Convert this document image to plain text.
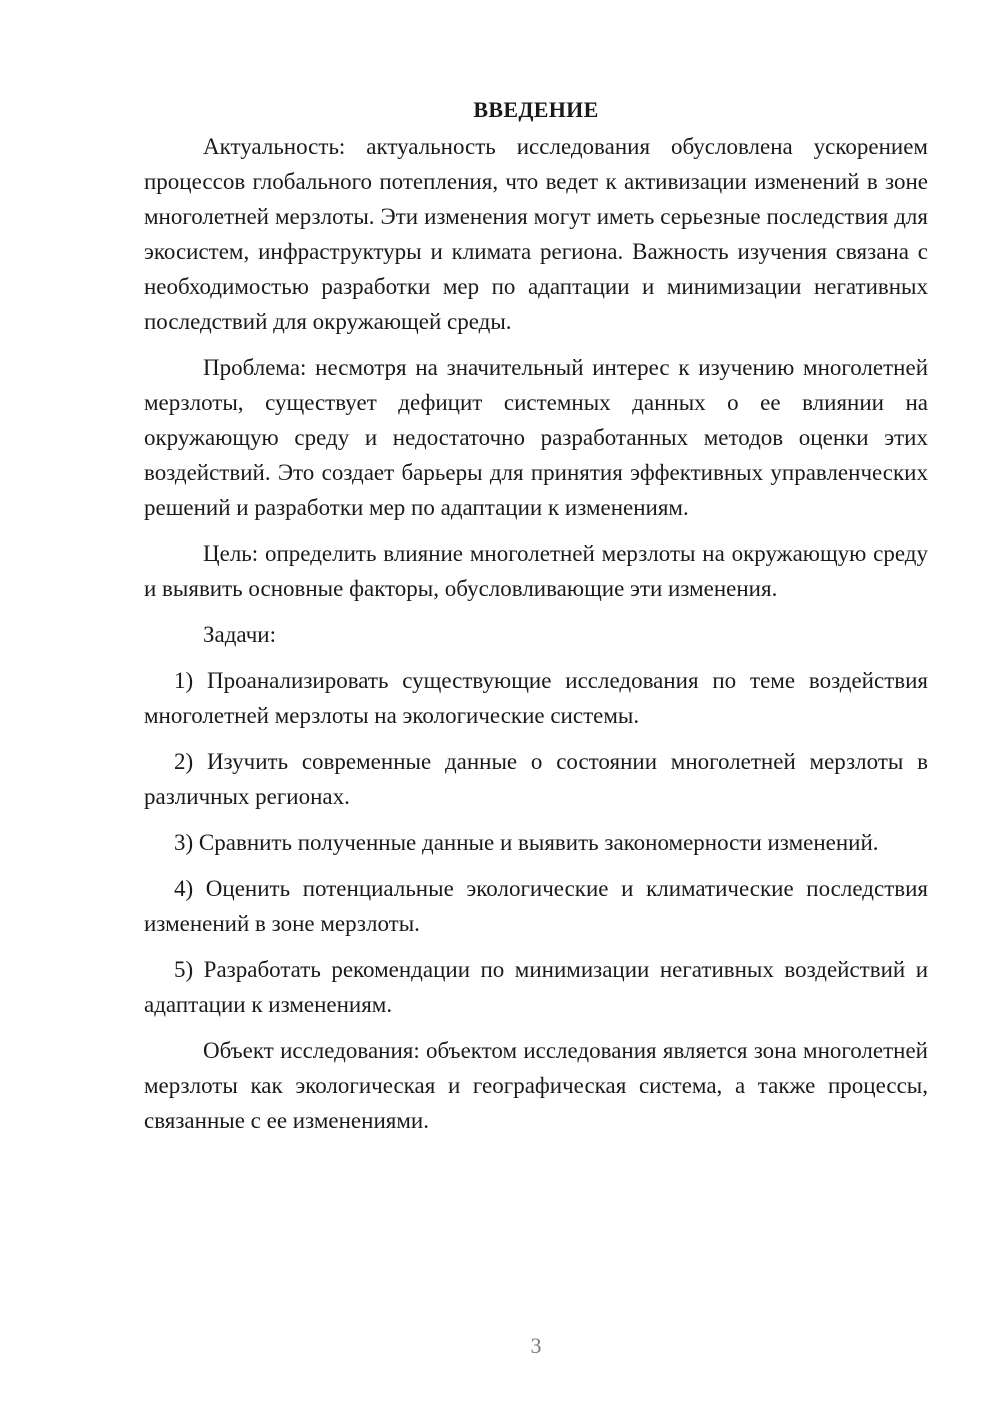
ВВЕДЕНИЕ

Актуальность: актуальность исследования обусловлена ускорением процессов глобального потепления, что ведет к активизации изменений в зоне многолетней мерзлоты. Эти изменения могут иметь серьезные последствия для экосистем, инфраструктуры и климата региона. Важность изучения связана с необходимостью разработки мер по адаптации и минимизации негативных последствий для окружающей среды.

Проблема: несмотря на значительный интерес к изучению многолетней мерзлоты, существует дефицит системных данных о ее влиянии на окружающую среду и недостаточно разработанных методов оценки этих воздействий. Это создает барьеры для принятия эффективных управленческих решений и разработки мер по адаптации к изменениям.

Цель: определить влияние многолетней мерзлоты на окружающую среду и выявить основные факторы, обусловливающие эти изменения.

Задачи:

1) Проанализировать существующие исследования по теме воздействия многолетней мерзлоты на экологические системы.

2) Изучить современные данные о состоянии многолетней мерзлоты в различных регионах.

3) Сравнить полученные данные и выявить закономерности изменений.

4) Оценить потенциальные экологические и климатические последствия изменений в зоне мерзлоты.

5) Разработать рекомендации по минимизации негативных воздействий и адаптации к изменениям.

Объект исследования: объектом исследования является зона многолетней мерзлоты как экологическая и географическая система, а также процессы, связанные с ее изменениями.

3
